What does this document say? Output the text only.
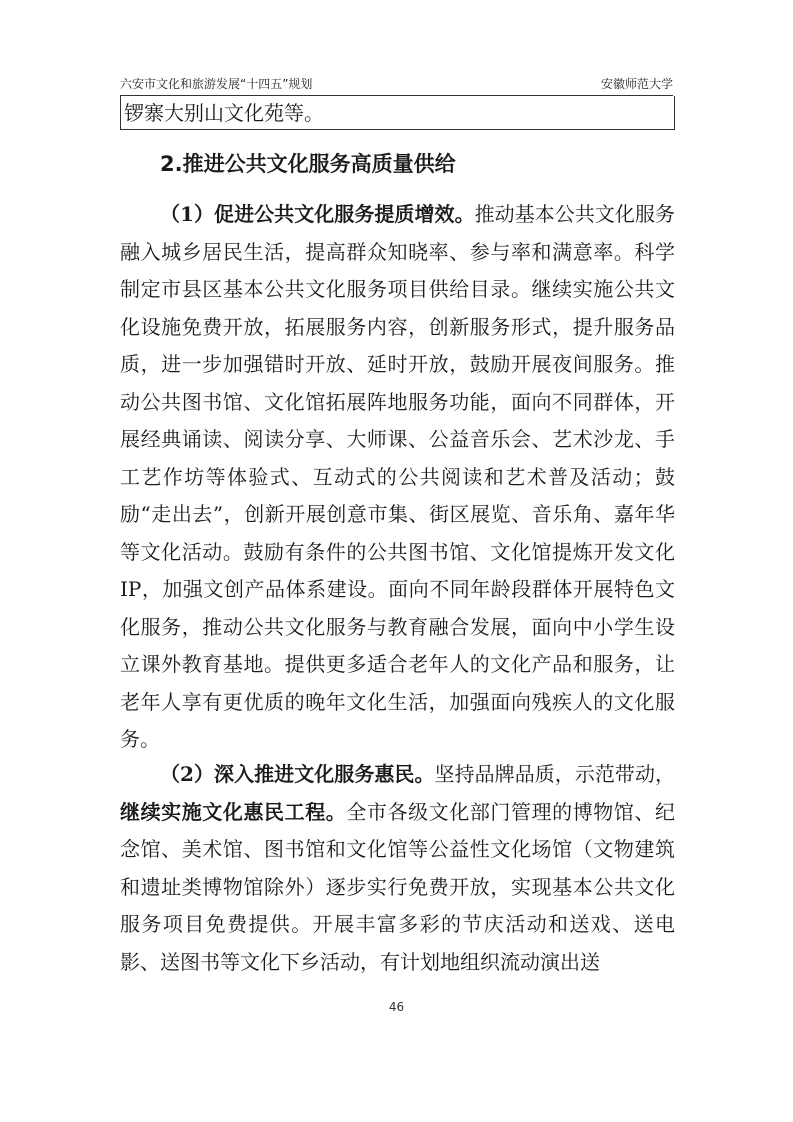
六安市文化和旅游发展“十四五”规划	安徽师范大学
锣寨大别山文化苑等。
2.推进公共文化服务高质量供给

（1）促进公共文化服务提质增效。推动基本公共文化服务融入城乡居民生活，提高群众知晓率、参与率和满意率。科学制定市县区基本公共文化服务项目供给目录。继续实施公共文化设施免费开放，拓展服务内容，创新服务形式，提升服务品质，进一步加强错时开放、延时开放，鼓励开展夜间服务。推动公共图书馆、文化馆拓展阵地服务功能，面向不同群体，开展经典诵读、阅读分享、大师课、公益音乐会、艺术沙龙、手工艺作坊等体验式、互动式的公共阅读和艺术普及活动；鼓励“走出去”，创新开展创意市集、街区展览、音乐角、嘉年华等文化活动。鼓励有条件的公共图书馆、文化馆提炼开发文化 IP，加强文创产品体系建设。面向不同年龄段群体开展特色文化服务，推动公共文化服务与教育融合发展，面向中小学生设立课外教育基地。提供更多适合老年人的文化产品和服务，让老年人享有更优质的晚年文化生活，加强面向残疾人的文化服务。

（2）深入推进文化服务惠民。坚持品牌品质，示范带动，继续实施文化惠民工程。全市各级文化部门管理的博物馆、纪念馆、美术馆、图书馆和文化馆等公益性文化场馆（文物建筑和遗址类博物馆除外）逐步实行免费开放，实现基本公共文化服务项目免费提供。开展丰富多彩的节庆活动和送戏、送电影、送图书等文化下乡活动，有计划地组织流动演出送

46
